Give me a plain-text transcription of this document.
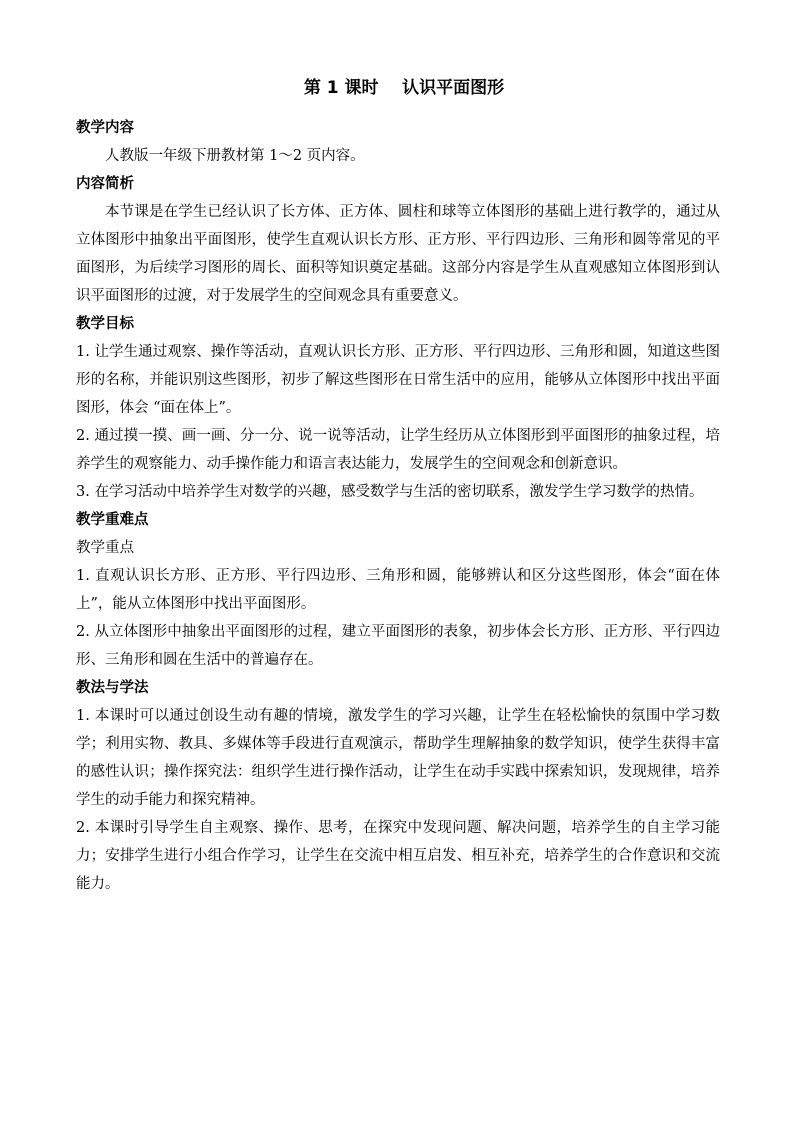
第 1 课时    认识平面图形
教学内容

人教版一年级下册教材第 1～2 页内容。

内容简析

本节课是在学生已经认识了长方体、正方体、圆柱和球等立体图形的基础上进行教学的，通过从立体图形中抽象出平面图形，使学生直观认识长方形、正方形、平行四边形、三角形和圆等常见的平面图形，为后续学习图形的周长、面积等知识奠定基础。这部分内容是学生从直观感知立体图形到认识平面图形的过渡，对于发展学生的空间观念具有重要意义。

教学目标

1. 让学生通过观察、操作等活动，直观认识长方形、正方形、平行四边形、三角形和圆，知道这些图形的名称，并能识别这些图形，初步了解这些图形在日常生活中的应用，能够从立体图形中找出平面图形，体会 “面在体上”。

2. 通过摸一摸、画一画、分一分、说一说等活动，让学生经历从立体图形到平面图形的抽象过程，培养学生的观察能力、动手操作能力和语言表达能力，发展学生的空间观念和创新意识。

3. 在学习活动中培养学生对数学的兴趣，感受数学与生活的密切联系，激发学生学习数学的热情。

教学重难点
教学重点

1. 直观认识长方形、正方形、平行四边形、三角形和圆，能够辨认和区分这些图形，体会“面在体上”，能从立体图形中找出平面图形。

2. 从立体图形中抽象出平面图形的过程，建立平面图形的表象，初步体会长方形、正方形、平行四边形、三角形和圆在生活中的普遍存在。

教法与学法

1. 本课时可以通过创设生动有趣的情境，激发学生的学习兴趣，让学生在轻松愉快的氛围中学习数学；利用实物、教具、多媒体等手段进行直观演示，帮助学生理解抽象的数学知识，使学生获得丰富的感性认识；操作探究法：组织学生进行操作活动，让学生在动手实践中探索知识，发现规律，培养学生的动手能力和探究精神。

2. 本课时引导学生自主观察、操作、思考，在探究中发现问题、解决问题，培养学生的自主学习能力；安排学生进行小组合作学习，让学生在交流中相互启发、相互补充，培养学生的合作意识和交流能力。
